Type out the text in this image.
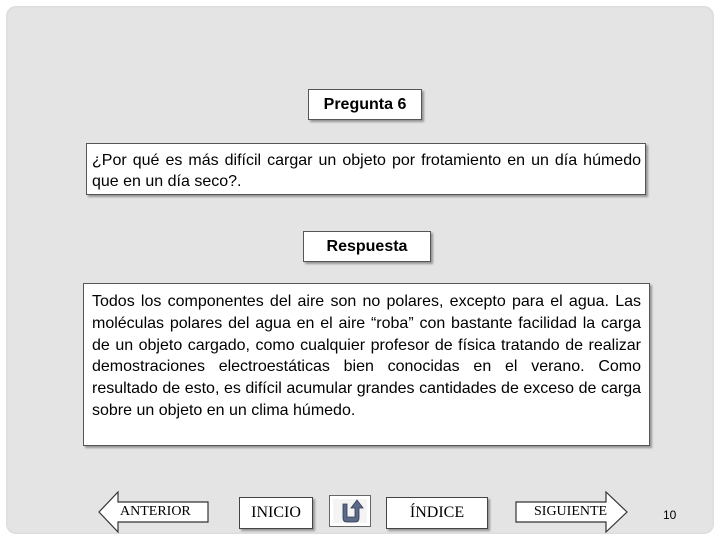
Pregunta 6
¿Por qué es más difícil cargar un objeto por frotamiento en un día húmedo que en un día seco?.
Respuesta
Todos los componentes del aire son no polares, excepto para el agua. Las moléculas polares del agua en el aire “roba” con bastante facilidad la carga de un objeto cargado, como cualquier profesor de física tratando de realizar demostraciones electroestáticas bien conocidas en el verano. Como resultado de esto, es difícil acumular grandes cantidades de exceso de carga sobre un objeto en un clima húmedo.
ANTERIOR	INICIO	ÍNDICE	SIGUIENTE	10
